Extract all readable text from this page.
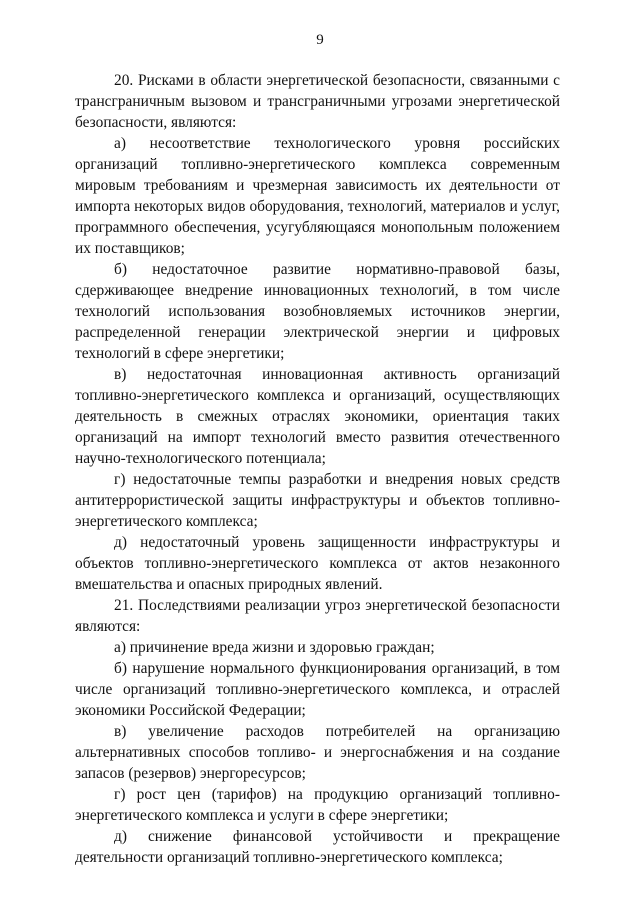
9

20. Рисками в области энергетической безопасности, связанными с трансграничным вызовом и трансграничными угрозами энергетической безопасности, являются:

а) несоответствие технологического уровня российских организаций топливно-энергетического комплекса современным мировым требованиям и чрезмерная зависимость их деятельности от импорта некоторых видов оборудования, технологий, материалов и услуг, программного обеспечения, усугубляющаяся монопольным положением их поставщиков;

б) недостаточное развитие нормативно-правовой базы, сдерживающее внедрение инновационных технологий, в том числе технологий использования возобновляемых источников энергии, распределенной генерации электрической энергии и цифровых технологий в сфере энергетики;

в) недостаточная инновационная активность организаций топливно-энергетического комплекса и организаций, осуществляющих деятельность в смежных отраслях экономики, ориентация таких организаций на импорт технологий вместо развития отечественного научно-технологического потенциала;

г) недостаточные темпы разработки и внедрения новых средств антитеррористической защиты инфраструктуры и объектов топливно-энергетического комплекса;

д) недостаточный уровень защищенности инфраструктуры и объектов топливно-энергетического комплекса от актов незаконного вмешательства и опасных природных явлений.

21. Последствиями реализации угроз энергетической безопасности являются:

а) причинение вреда жизни и здоровью граждан;

б) нарушение нормального функционирования организаций, в том числе организаций топливно-энергетического комплекса, и отраслей экономики Российской Федерации;

в) увеличение расходов потребителей на организацию альтернативных способов топливо- и энергоснабжения и на создание запасов (резервов) энергоресурсов;

г) рост цен (тарифов) на продукцию организаций топливно-энергетического комплекса и услуги в сфере энергетики;

д) снижение финансовой устойчивости и прекращение деятельности организаций топливно-энергетического комплекса;
